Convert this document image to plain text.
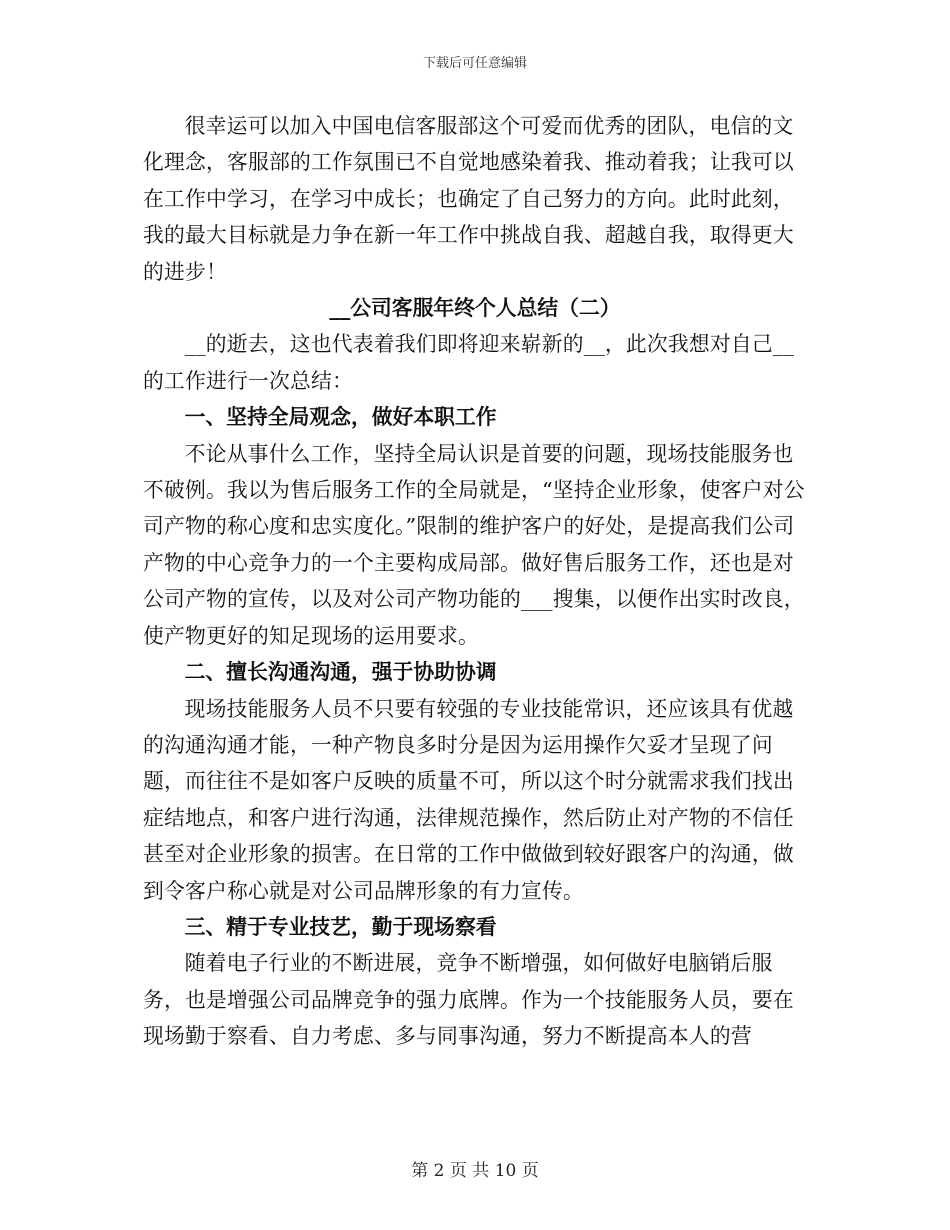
下载后可任意编辑

很幸运可以加入中国电信客服部这个可爱而优秀的团队，电信的文化理念，客服部的工作氛围已不自觉地感染着我、推动着我；让我可以在工作中学习，在学习中成长；也确定了自己努力的方向。此时此刻，我的最大目标就是力争在新一年工作中挑战自我、超越自我，取得更大的进步！

__公司客服年终个人总结（二）

__的逝去，这也代表着我们即将迎来崭新的__，此次我想对自己__的工作进行一次总结：

一、坚持全局观念，做好本职工作

不论从事什么工作，坚持全局认识是首要的问题，现场技能服务也不破例。我以为售后服务工作的全局就是，“坚持企业形象，使客户对公司产物的称心度和忠实度化。”限制的维护客户的好处，是提高我们公司产物的中心竞争力的一个主要构成局部。做好售后服务工作，还也是对公司产物的宣传，以及对公司产物功能的___搜集，以便作出实时改良，使产物更好的知足现场的运用要求。

二、擅长沟通沟通，强于协助协调

现场技能服务人员不只要有较强的专业技能常识，还应该具有优越的沟通沟通才能，一种产物良多时分是因为运用操作欠妥才呈现了问题，而往往不是如客户反映的质量不可，所以这个时分就需求我们找出症结地点，和客户进行沟通，法律规范操作，然后防止对产物的不信任甚至对企业形象的损害。在日常的工作中做做到较好跟客户的沟通，做到令客户称心就是对公司品牌形象的有力宣传。

三、精于专业技艺，勤于现场察看

随着电子行业的不断进展，竞争不断增强，如何做好电脑销后服务，也是增强公司品牌竞争的强力底牌。作为一个技能服务人员，要在现场勤于察看、自力考虑、多与同事沟通，努力不断提高本人的营

第 2 页 共 10 页
